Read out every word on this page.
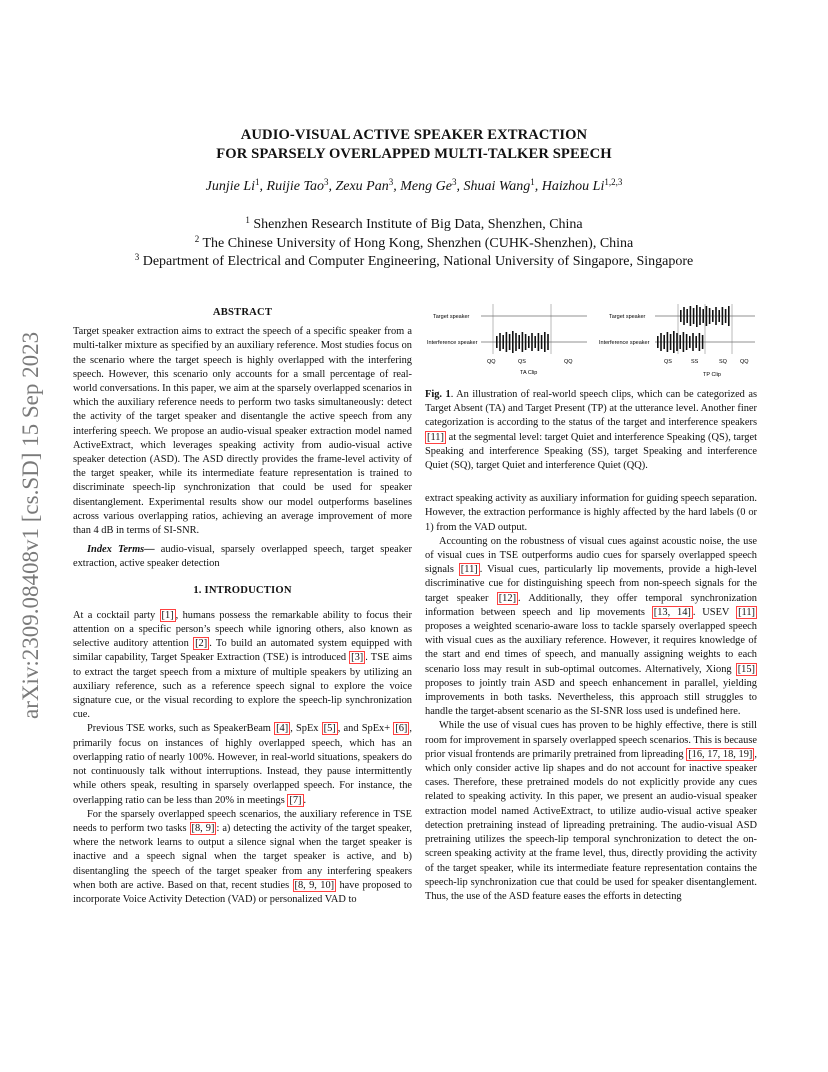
arXiv:2309.08408v1 [cs.SD] 15 Sep 2023
AUDIO-VISUAL ACTIVE SPEAKER EXTRACTION
FOR SPARSELY OVERLAPPED MULTI-TALKER SPEECH
Junjie Li$^1$, Ruijie Tao$^3$, Zexu Pan$^3$, Meng Ge$^3$, Shuai Wang$^1$, Haizhou Li$^{1,2,3}$
$^1$ Shenzhen Research Institute of Big Data, Shenzhen, China
$^2$ The Chinese University of Hong Kong, Shenzhen (CUHK-Shenzhen), China
$^3$ Department of Electrical and Computer Engineering, National University of Singapore, Singapore
ABSTRACT

Target speaker extraction aims to extract the speech of a specific speaker from a multi-talker mixture as specified by an auxiliary reference. Most studies focus on the scenario where the target speech is highly overlapped with the interfering speech. However, this scenario only accounts for a small percentage of real-world conversations. In this paper, we aim at the sparsely overlapped scenarios in which the auxiliary reference needs to perform two tasks simultaneously: detect the activity of the target speaker and disentangle the active speech from any interfering speech. We propose an audio-visual speaker extraction model named ActiveExtract, which leverages speaking activity from audio-visual active speaker detection (ASD). The ASD directly provides the frame-level activity of the target speaker, while its intermediate feature representation is trained to discriminate speech-lip synchronization that could be used for speaker disentanglement. Experimental results show our model outperforms baselines across various overlapping ratios, achieving an average improvement of more than 4 dB in terms of SI-SNR.

Index Terms— audio-visual, sparsely overlapped speech, target speaker extraction, active speaker detection

1. INTRODUCTION

At a cocktail party [1] , humans possess the remarkable ability to focus their attention on a specific person’s speech while ignoring others, also known as selective auditory attention [2] . To build an automated system equipped with similar capability, Target Speaker Extraction (TSE) is introduced [3] . TSE aims to extract the target speech from a mixture of multiple speakers by utilizing an auxiliary reference, such as a reference speech signal to explore the voice signature cue, or the visual recording to explore the speech-lip synchronization cue.

Previous TSE works, such as SpeakerBeam [4] , SpEx [5] , and SpEx+ [6] , primarily focus on instances of highly overlapped speech, which has an overlapping ratio of nearly 100%. However, in real-world situations, speakers do not continuously talk without interruptions. Instead, they pause intermittently while others speak, resulting in sparsely overlapped speech. For instance, the overlapping ratio can be less than 20% in meetings [7] .

For the sparsely overlapped speech scenarios, the auxiliary reference in TSE needs to perform two tasks [8, 9] : a) detecting the activity of the target speaker, where the network learns to output a silence signal when the target speaker is inactive and a speech signal when the target speaker is active, and b) disentangling the speech of the target speaker from any interfering speakers when both are active. Based on that, recent studies [8, 9, 10] have proposed to incorporate Voice Activity Detection (VAD) or personalized VAD to

Target speaker
Interference speaker
QQ	QS	QQ
TA Clip
Target speaker
Interference speaker
QS	SS	SQ QQ
TP Clip

Fig. 1. An illustration of real-world speech clips, which can be categorized as Target Absent (TA) and Target Present (TP) at the utterance level. Another finer categorization is according to the status of the target and interference speakers [11] at the segmental level: target Quiet and interference Speaking (QS), target Speaking and interference Speaking (SS), target Speaking and interference Quiet (SQ), target Quiet and interference Quiet (QQ).

extract speaking activity as auxiliary information for guiding speech separation. However, the extraction performance is highly affected by the hard labels (0 or 1) from the VAD output.

Accounting on the robustness of visual cues against acoustic noise, the use of visual cues in TSE outperforms audio cues for sparsely overlapped speech signals [11] . Visual cues, particularly lip movements, provide a high-level discriminative cue for distinguishing speech from non-speech signals for the target speaker [12] . Additionally, they offer temporal synchronization information between speech and lip movements [13, 14] . USEV [11] proposes a weighted scenario-aware loss to tackle sparsely overlapped speech with visual cues as the auxiliary reference. However, it requires knowledge of the start and end times of speech, and manually assigning weights to each scenario loss may result in sub-optimal outcomes. Alternatively, Xiong [15] proposes to jointly train ASD and speech enhancement in parallel, yielding improvements in both tasks. Nevertheless, this approach still struggles to handle the target-absent scenario as the SI-SNR loss used is undefined here.

While the use of visual cues has proven to be highly effective, there is still room for improvement in sparsely overlapped speech scenarios. This is because prior visual frontends are primarily pretrained from lipreading [16, 17, 18, 19] , which only consider active lip shapes and do not account for inactive speaker cases. Therefore, these pretrained models do not explicitly provide any cues related to speaking activity. In this paper, we present an audio-visual speaker extraction model named ActiveExtract, to utilize audio-visual active speaker detection pretraining instead of lipreading pretraining. The audio-visual ASD pretraining utilizes the speech-lip temporal synchronization to detect the on-screen speaking activity at the frame level, thus, directly providing the activity of the target speaker, while its intermediate feature representation contains the speech-lip synchronization cue that could be used for speaker disentanglement. Thus, the use of the ASD feature eases the efforts in detecting
